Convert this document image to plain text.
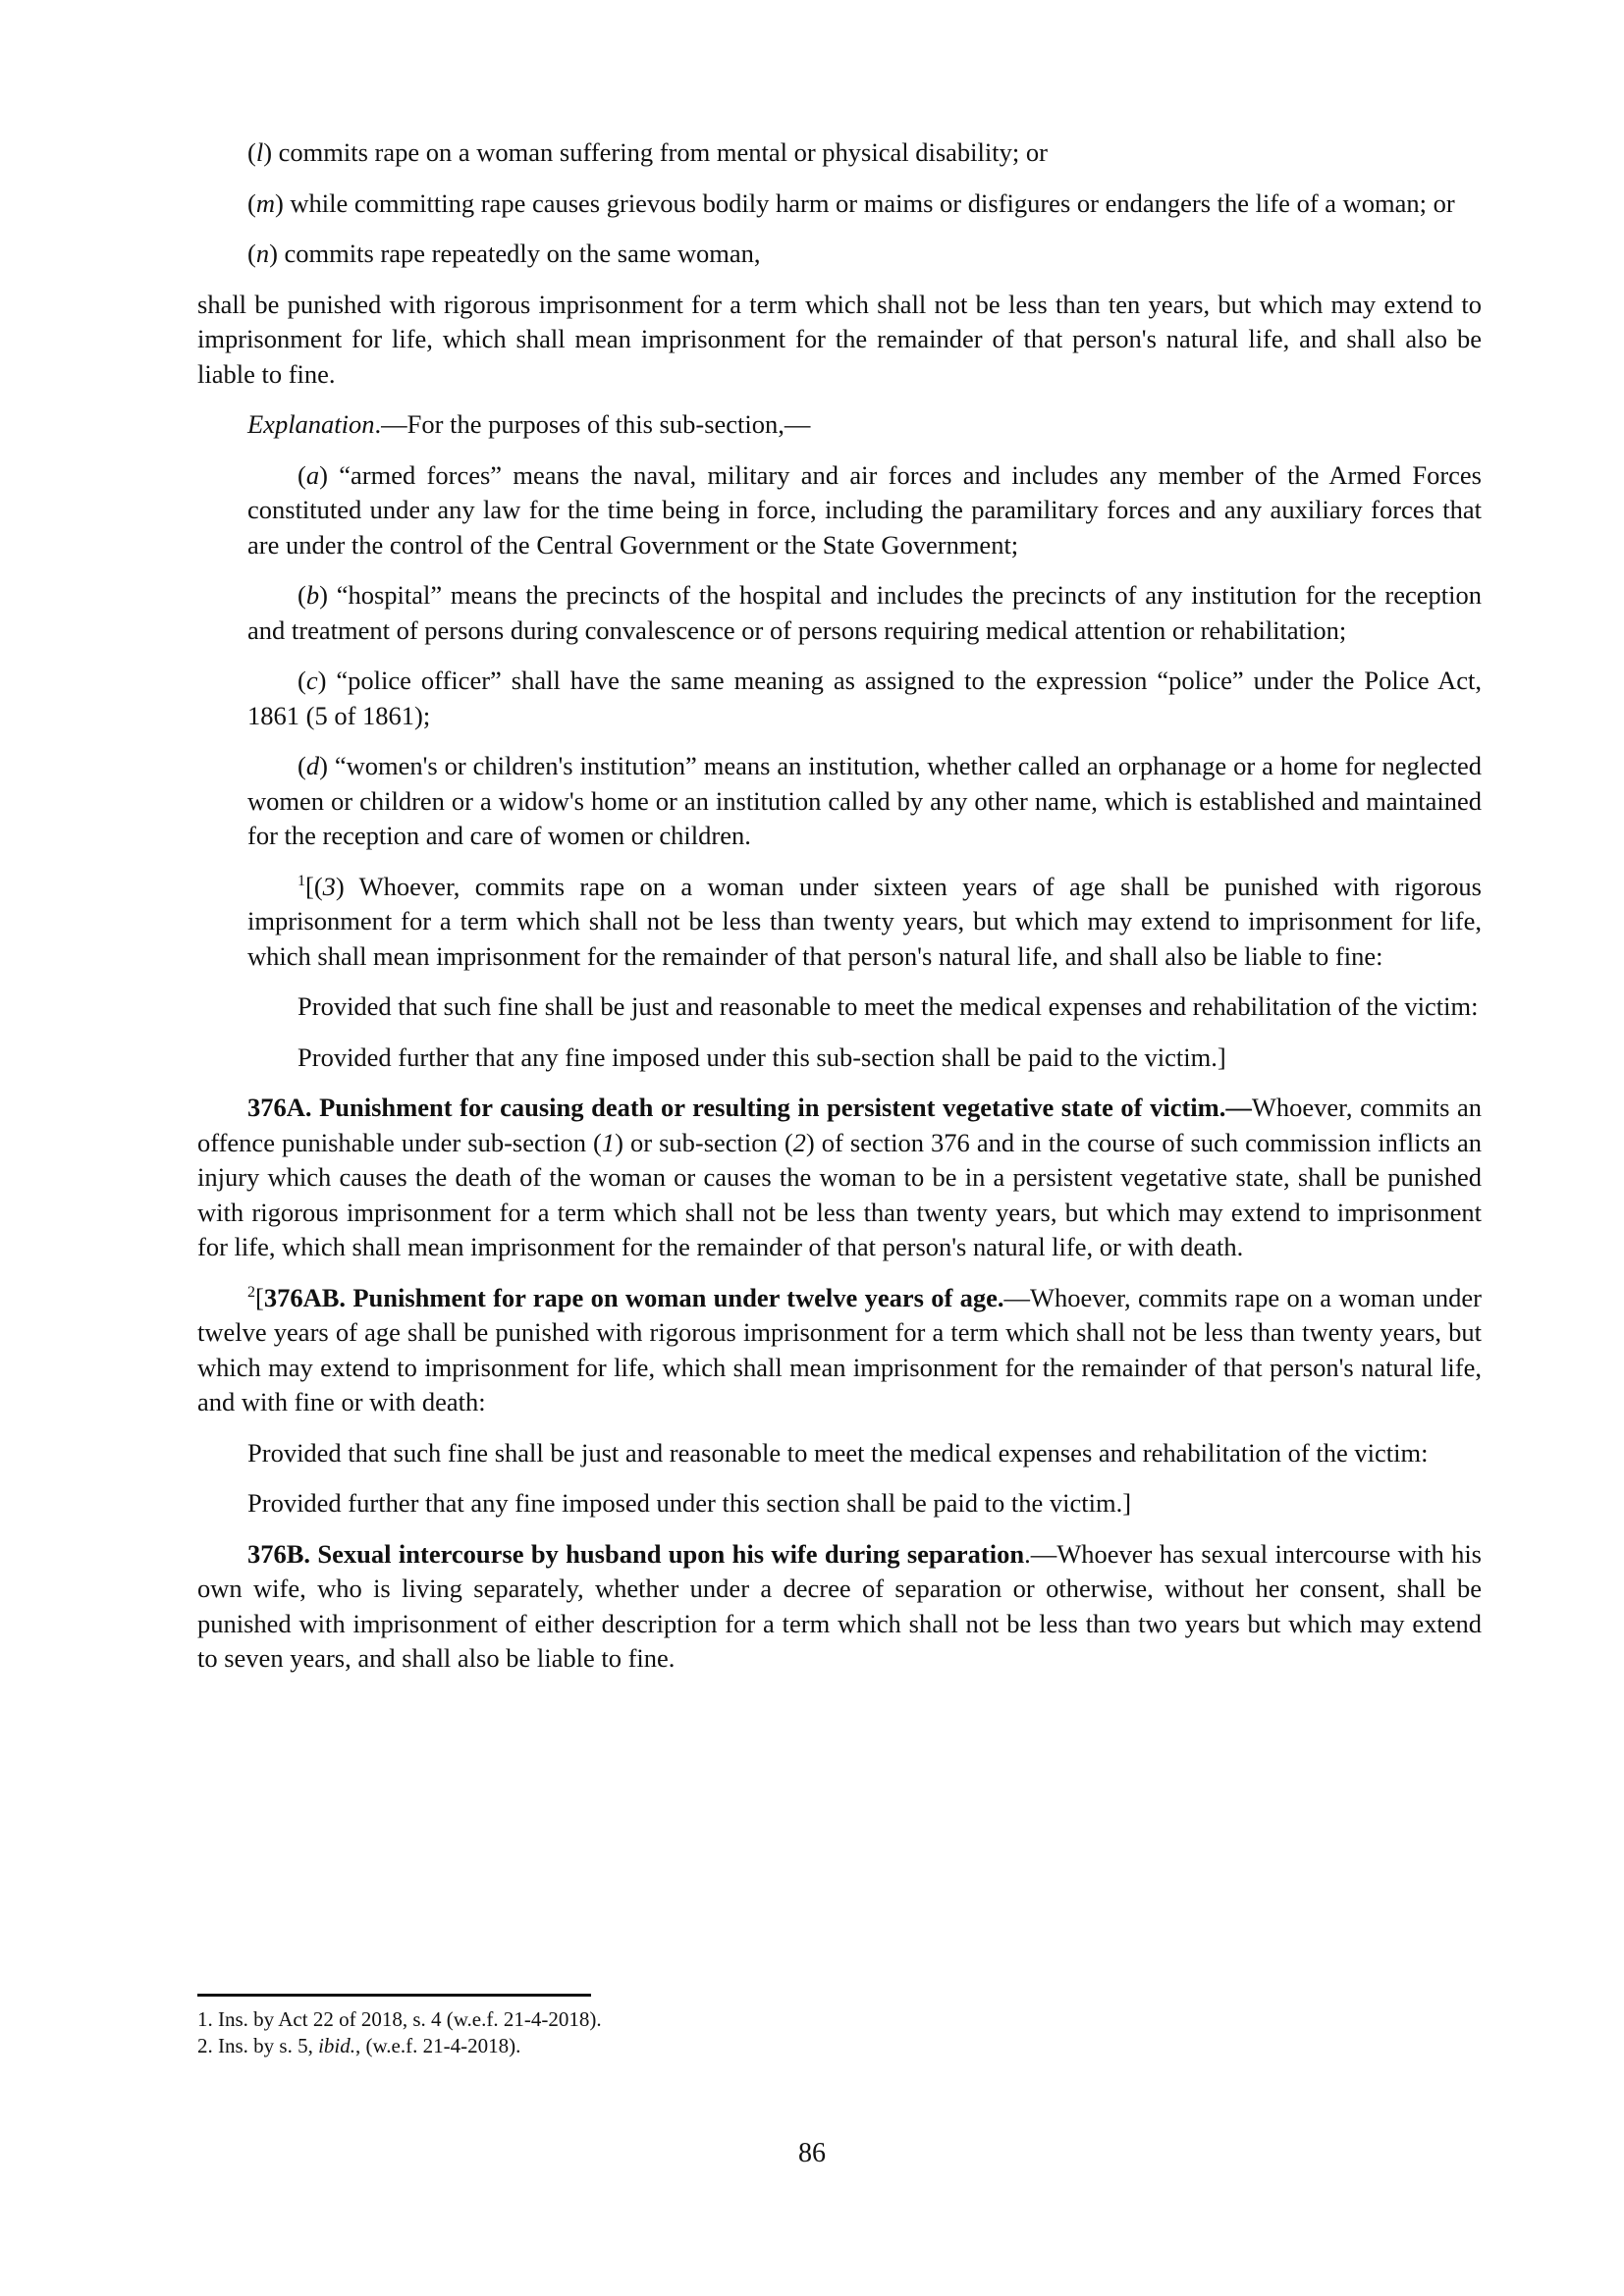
(l) commits rape on a woman suffering from mental or physical disability; or

(m) while committing rape causes grievous bodily harm or maims or disfigures or endangers the life of a woman; or

(n) commits rape repeatedly on the same woman,

shall be punished with rigorous imprisonment for a term which shall not be less than ten years, but which may extend to imprisonment for life, which shall mean imprisonment for the remainder of that person's natural life, and shall also be liable to fine.

Explanation.—For the purposes of this sub-section,—

(a) “armed forces” means the naval, military and air forces and includes any member of the Armed Forces constituted under any law for the time being in force, including the paramilitary forces and any auxiliary forces that are under the control of the Central Government or the State Government;

(b) “hospital” means the precincts of the hospital and includes the precincts of any institution for the reception and treatment of persons during convalescence or of persons requiring medical attention or rehabilitation;

(c) “police officer” shall have the same meaning as assigned to the expression “police” under the Police Act, 1861 (5 of 1861);

(d) “women's or children's institution” means an institution, whether called an orphanage or a home for neglected women or children or a widow's home or an institution called by any other name, which is established and maintained for the reception and care of women or children.

$^1$[(3) Whoever, commits rape on a woman under sixteen years of age shall be punished with rigorous imprisonment for a term which shall not be less than twenty years, but which may extend to imprisonment for life, which shall mean imprisonment for the remainder of that person's natural life, and shall also be liable to fine:

Provided that such fine shall be just and reasonable to meet the medical expenses and rehabilitation of the victim:

Provided further that any fine imposed under this sub-section shall be paid to the victim.]

376A. Punishment for causing death or resulting in persistent vegetative state of victim.—Whoever, commits an offence punishable under sub-section (1) or sub-section (2) of section 376 and in the course of such commission inflicts an injury which causes the death of the woman or causes the woman to be in a persistent vegetative state, shall be punished with rigorous imprisonment for a term which shall not be less than twenty years, but which may extend to imprisonment for life, which shall mean imprisonment for the remainder of that person's natural life, or with death.

$^2$[376AB. Punishment for rape on woman under twelve years of age.—Whoever, commits rape on a woman under twelve years of age shall be punished with rigorous imprisonment for a term which shall not be less than twenty years, but which may extend to imprisonment for life, which shall mean imprisonment for the remainder of that person's natural life, and with fine or with death:

Provided that such fine shall be just and reasonable to meet the medical expenses and rehabilitation of the victim:

Provided further that any fine imposed under this section shall be paid to the victim.]

376B. Sexual intercourse by husband upon his wife during separation.—Whoever has sexual intercourse with his own wife, who is living separately, whether under a decree of separation or otherwise, without her consent, shall be punished with imprisonment of either description for a term which shall not be less than two years but which may extend to seven years, and shall also be liable to fine.

1. Ins. by Act 22 of 2018, s. 4 (w.e.f. 21-4-2018).
2. Ins. by s. 5, ibid., (w.e.f. 21-4-2018).
86
